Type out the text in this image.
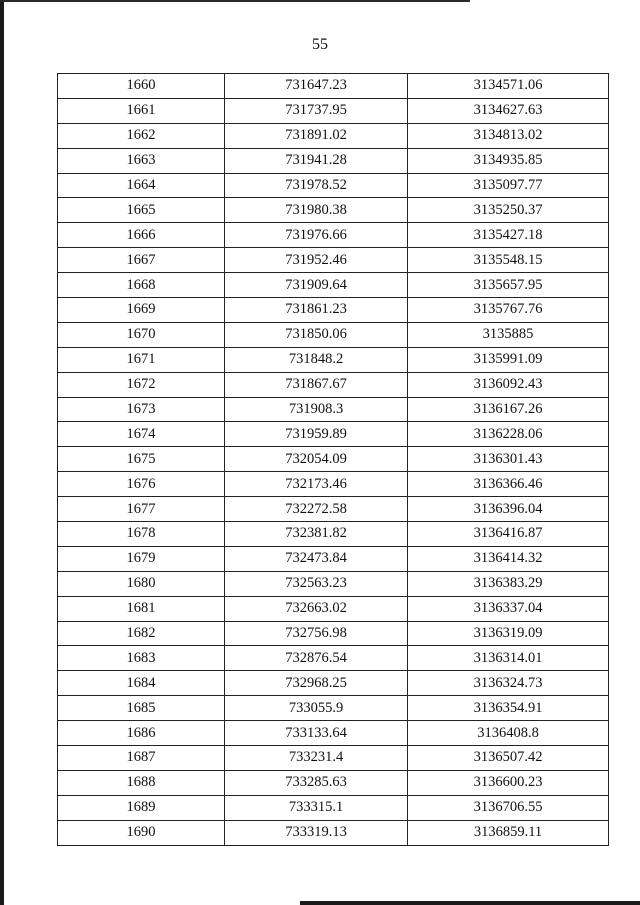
55
1660	731647.23	3134571.06
1661	731737.95	3134627.63
1662	731891.02	3134813.02
1663	731941.28	3134935.85
1664	731978.52	3135097.77
1665	731980.38	3135250.37
1666	731976.66	3135427.18
1667	731952.46	3135548.15
1668	731909.64	3135657.95
1669	731861.23	3135767.76
1670	731850.06	3135885
1671	731848.2	3135991.09
1672	731867.67	3136092.43
1673	731908.3	3136167.26
1674	731959.89	3136228.06
1675	732054.09	3136301.43
1676	732173.46	3136366.46
1677	732272.58	3136396.04
1678	732381.82	3136416.87
1679	732473.84	3136414.32
1680	732563.23	3136383.29
1681	732663.02	3136337.04
1682	732756.98	3136319.09
1683	732876.54	3136314.01
1684	732968.25	3136324.73
1685	733055.9	3136354.91
1686	733133.64	3136408.8
1687	733231.4	3136507.42
1688	733285.63	3136600.23
1689	733315.1	3136706.55
1690	733319.13	3136859.11
